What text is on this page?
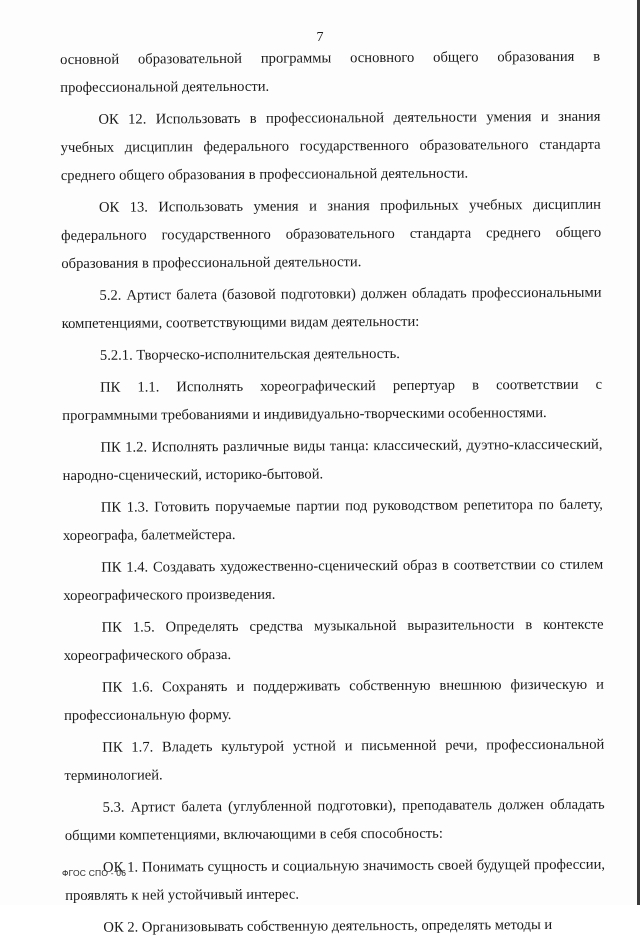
7

основной образовательной программы основного общего образования в профессиональной деятельности.

ОК 12. Использовать в профессиональной деятельности умения и знания учебных дисциплин федерального государственного образовательного стандарта среднего общего образования в профессиональной деятельности.

ОК 13. Использовать умения и знания профильных учебных дисциплин федерального государственного образовательного стандарта среднего общего образования в профессиональной деятельности.

5.2. Артист балета (базовой подготовки) должен обладать профессиональными компетенциями, соответствующими видам деятельности:

5.2.1. Творческо-исполнительская деятельность.

ПК 1.1. Исполнять хореографический репертуар в соответствии с программными требованиями и индивидуально-творческими особенностями.

ПК 1.2. Исполнять различные виды танца: классический, дуэтно-классический, народно-сценический, историко-бытовой.

ПК 1.3. Готовить поручаемые партии под руководством репетитора по балету, хореографа, балетмейстера.

ПК 1.4. Создавать художественно-сценический образ в соответствии со стилем хореографического произведения.

ПК 1.5. Определять средства музыкальной выразительности в контексте хореографического образа.

ПК 1.6. Сохранять и поддерживать собственную внешнюю физическую и профессиональную форму.

ПК 1.7. Владеть культурой устной и письменной речи, профессиональной терминологией.

5.3. Артист балета (углубленной подготовки), преподаватель должен обладать общими компетенциями, включающими в себя способность:

ОК 1. Понимать сущность и социальную значимость своей будущей профессии, проявлять к ней устойчивый интерес.

ОК 2. Организовывать собственную деятельность, определять методы и

ФГОС СПО - 06
